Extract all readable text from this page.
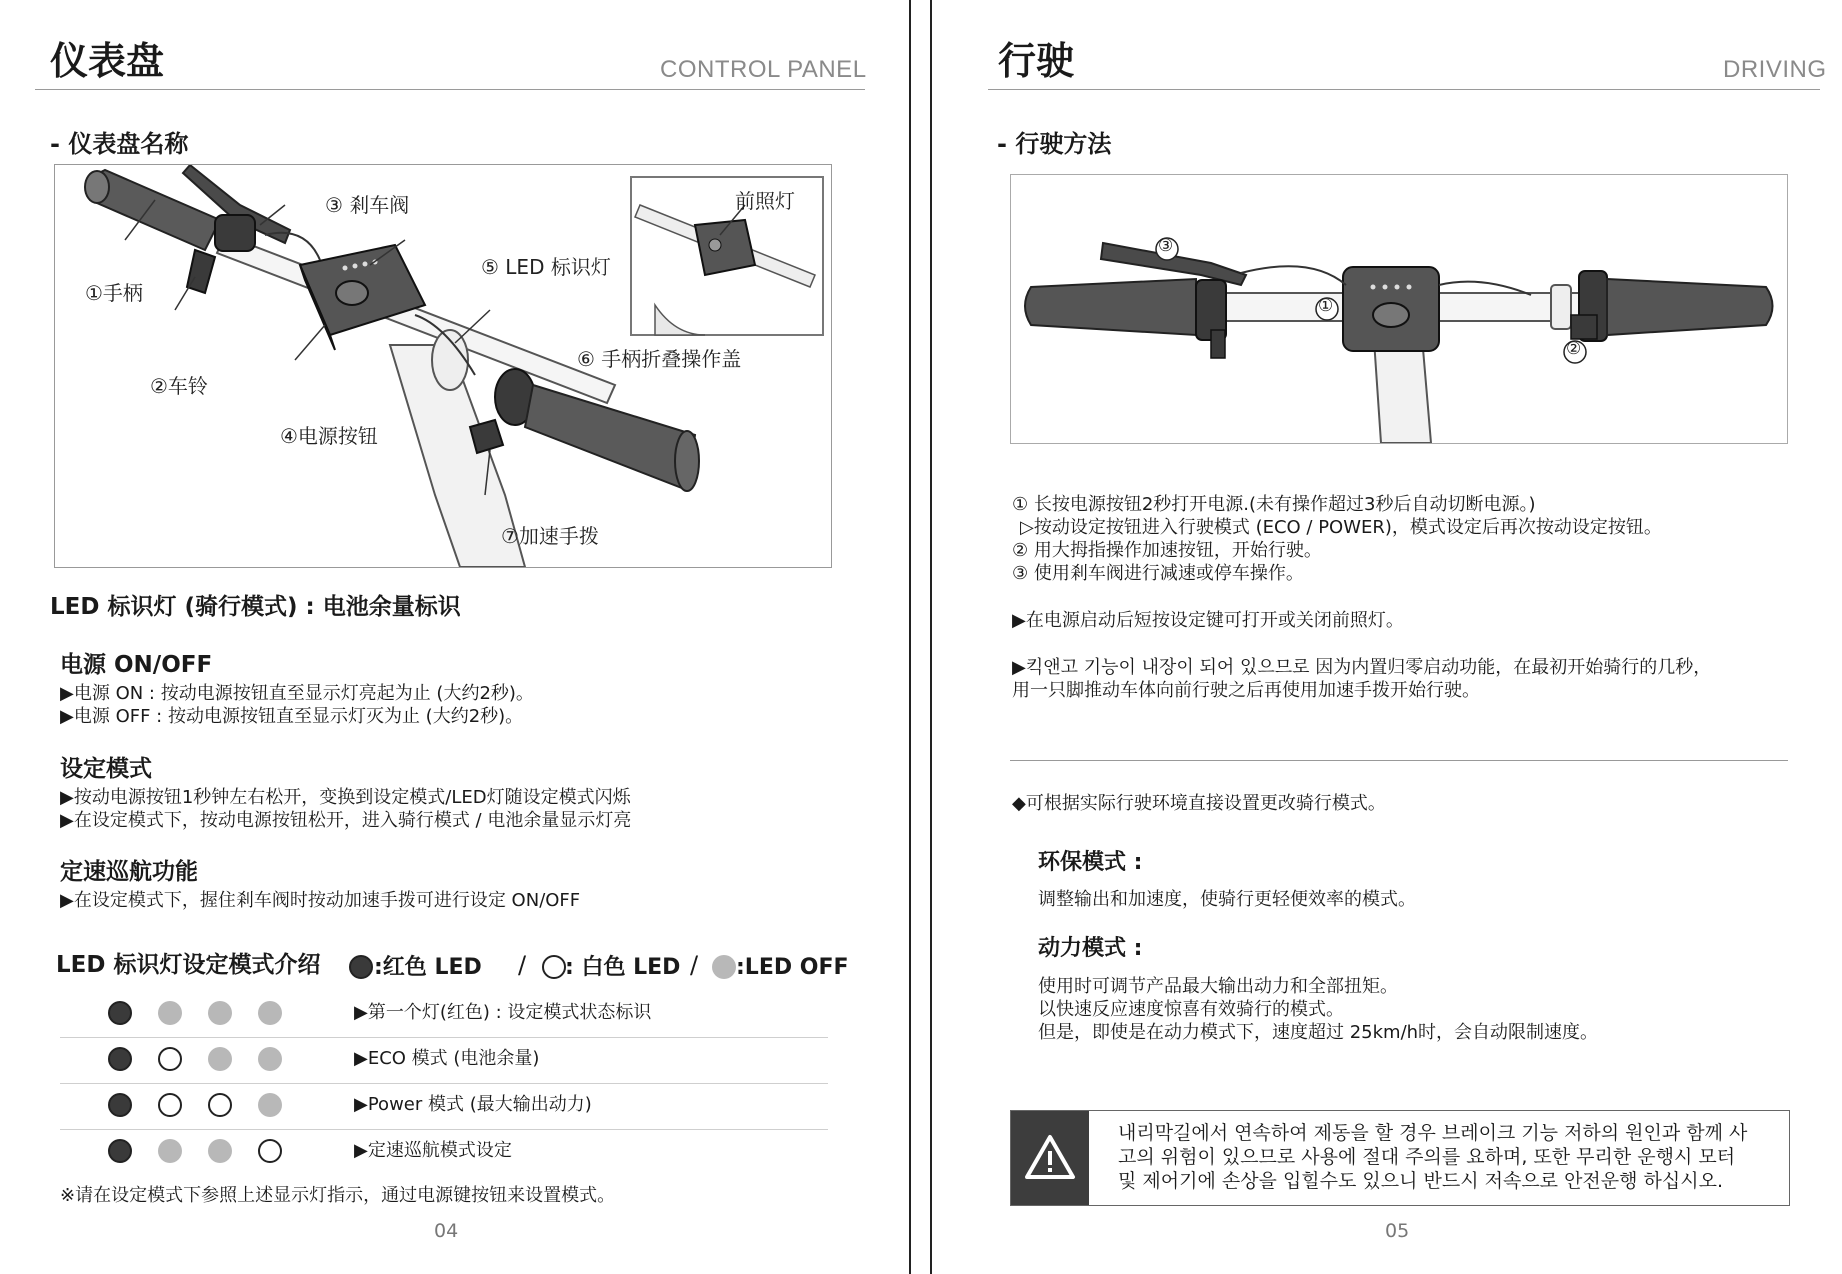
仪表盘	CONTROL PANEL
- 仪表盘名称
③ 剎车阀
①手柄
⑤ LED 标识灯
②车铃
⑥ 手柄折叠操作盖
④电源按钮
⑦加速手拨
前照灯
LED 标识灯 (骑行模式) : 电池余量标识
电源 ON/OFF
▶电源 ON : 按动电源按钮直至显示灯亮起为止 (大约2秒)。
▶电源 OFF : 按动电源按钮直至显示灯灭为止 (大约2秒)。
设定模式
▶按动电源按钮1秒钟左右松开，变换到设定模式/LED灯随设定模式闪烁
▶在设定模式下，按动电源按钮松开，进入骑行模式 / 电池余量显示灯亮
定速巡航功能
▶在设定模式下，握住剎车阀时按动加速手拨可进行设定 ON/OFF
LED 标识灯设定模式介绍 :红色 LED / : 白色 LED / :LED OFF
▶第一个灯(红色) : 设定模式状态标识
▶ECO 模式 (电池余量)
▶Power 模式 (最大输出动力)
▶定速巡航模式设定
※请在设定模式下参照上述显示灯指示，通过电源键按钮来设置模式。
04
行驶	DRIVING
- 行驶方法
③
①
②
① 长按电源按钮2秒打开电源.(未有操作超过3秒后自动切断电源。)
▷按动设定按钮进入行驶模式 (ECO / POWER)，模式设定后再次按动设定按钮。
② 用大拇指操作加速按钮，开始行驶。
③ 使用剎车阀进行减速或停车操作。
▶在电源启动后短按设定键可打开或关闭前照灯。
▶킥앤고 기능이 내장이 되어 있으므로 因为内置归零启动功能，在最初开始骑行的几秒，
用一只脚推动车体向前行驶之后再使用加速手拨开始行驶。
◆可根据实际行驶环境直接设置更改骑行模式。
环保模式 :
调整输出和加速度，使骑行更轻便效率的模式。
动力模式 :
使用时可调节产品最大输出动力和全部扭矩。
以快速反应速度惊喜有效骑行的模式。
但是，即使是在动力模式下，速度超过 25km/h时，会自动限制速度。
내리막길에서 연속하여 제동을 할 경우 브레이크 기능 저하의 원인과 함께 사
고의 위험이 있으므로 사용에 절대 주의를 요하며, 또한 무리한 운행시 모터
및 제어기에 손상을 입힐수도 있으니 반드시 저속으로 안전운행 하십시오.
05
